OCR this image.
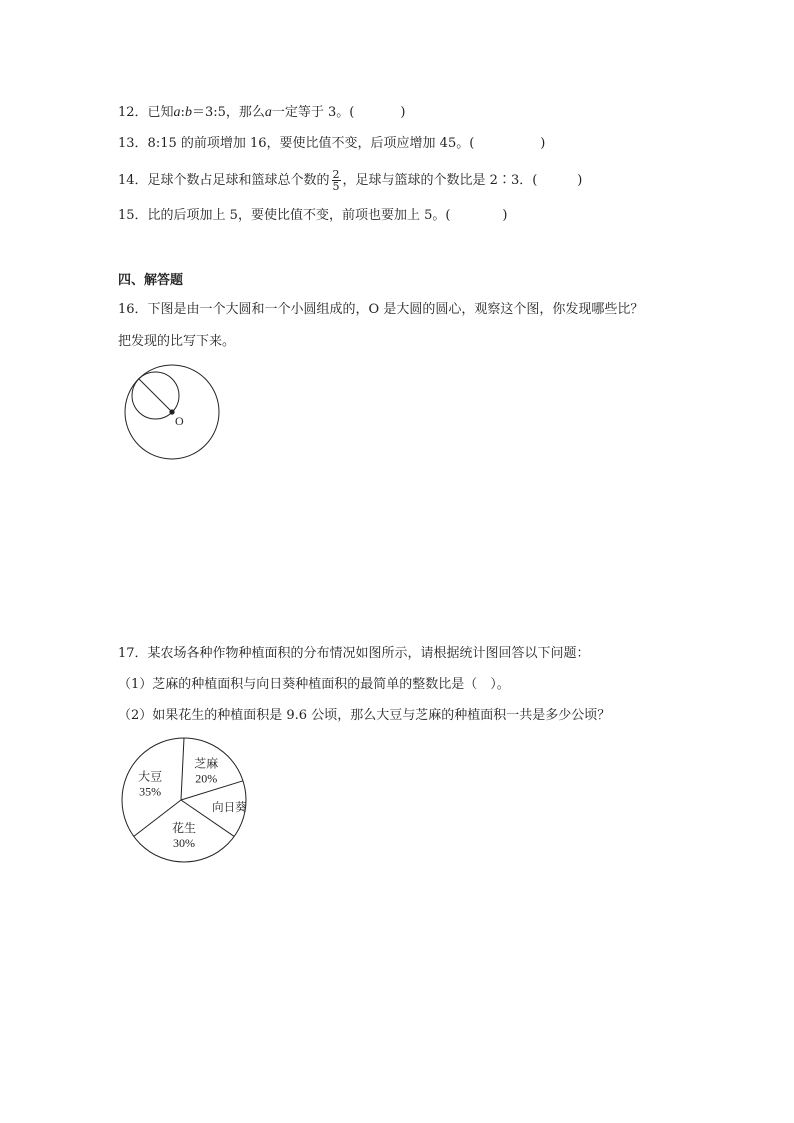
12．已知a:b＝3:5，那么a一定等于 3。(	)
13．8:15 的前项增加 16，要使比值不变，后项应增加 45。(	)
14．足球个数占足球和篮球总个数的 $\frac{2}{5}$ ，足球与篮球的个数比是 2∶3．(	)
15．比的后项加上 5，要使比值不变，前项也要加上 5。(	)
四、解答题
16．下图是由一个大圆和一个小圆组成的，O 是大圆的圆心，观察这个图，你发现哪些比？
把发现的比写下来。
O
17．某农场各种作物种植面积的分布情况如图所示，请根据统计图回答以下问题：
（1）芝麻的种植面积与向日葵种植面积的最简单的整数比是（　）。
（2）如果花生的种植面积是 9.6 公顷，那么大豆与芝麻的种植面积一共是多少公顷？
芝麻
20%
向日葵
花生
30%
大豆
35%
